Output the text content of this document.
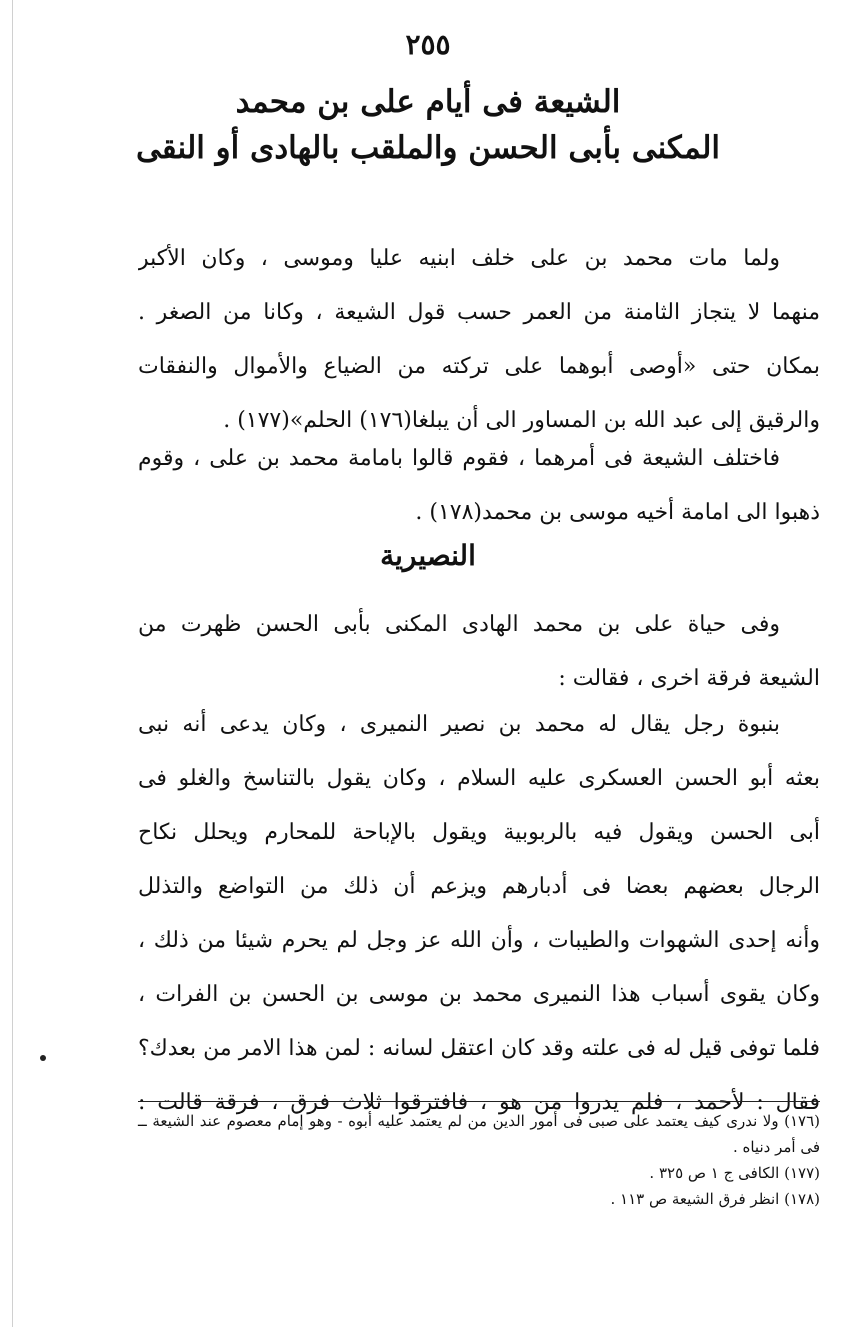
٢٥٥
الشيعة فى أيام على بن محمد
المكنى بأبى الحسن والملقب بالهادى أو النقى
ولما مات محمد بن على خلف ابنيه عليا وموسى ، وكان الأكبر
منهما لا يتجاز الثامنة من العمر حسب قول الشيعة ، وكانا من الصغر .
بمكان حتى «أوصى أبوهما على تركته من الضياع والأموال والنفقات
والرقيق إلى عبد الله بن المساور الى أن يبلغا(١٧٦) الحلم»(١٧٧) .
فاختلف الشيعة فى أمرهما ، فقوم قالوا بامامة محمد بن على ، وقوم
ذهبوا الى امامة أخيه موسى بن محمد(١٧٨) .
النصيرية
وفى حياة على بن محمد الهادى المكنى بأبى الحسن ظهرت من
الشيعة فرقة اخرى ، فقالت :
بنبوة رجل يقال له محمد بن نصير النميرى ، وكان يدعى أنه نبى
بعثه أبو الحسن العسكرى عليه السلام ، وكان يقول بالتناسخ والغلو فى
أبى الحسن ويقول فيه بالربوبية ويقول بالإباحة للمحارم ويحلل نكاح
الرجال بعضهم بعضا فى أدبارهم ويزعم أن ذلك من التواضع والتذلل
وأنه إحدى الشهوات والطيبات ، وأن الله عز وجل لم يحرم شيئا من ذلك ،
وكان يقوى أسباب هذا النميرى محمد بن موسى بن الحسن بن الفرات ،
فلما توفى قيل له فى علته وقد كان اعتقل لسانه : لمن هذا الامر من بعدك؟
فقال : لأحمد ، فلم يدروا من هو ، فافترقوا ثلاث فرق ، فرقة قالت :
(١٧٦) ولا ندرى كيف يعتمد على صبى فى أمور الدين من لم يعتمد عليه أبوه - وهو إمام معصوم عند الشيعة ــ فى أمر دنياه .
(١٧٧) الكافى ج ١ ص ٣٢٥ .
(١٧٨) انظر فرق الشيعة ص ١١٣ .
